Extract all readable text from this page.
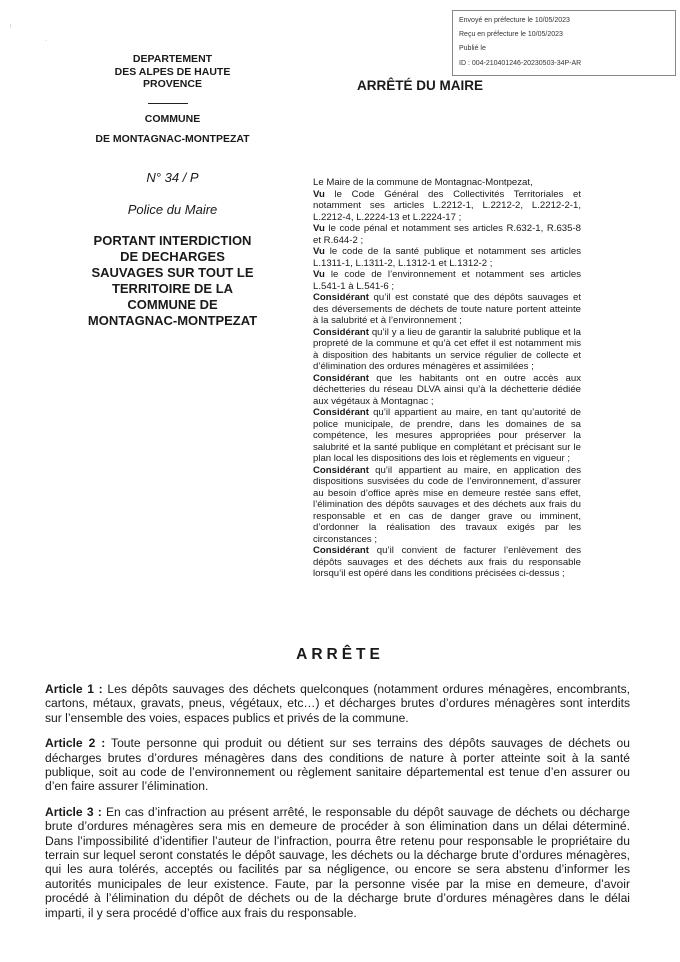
ˡ
·
Envoyé en préfecture le 10/05/2023
Reçu en préfecture le 10/05/2023
Publié le
ID : 004-210401246-20230503-34P-AR
DEPARTEMENT
DES ALPES DE HAUTE
PROVENCE
COMMUNE
DE MONTAGNAC-MONTPEZAT
N° 34 / P
Police du Maire
PORTANT INTERDICTION
DE DECHARGES
SAUVAGES SUR TOUT LE
TERRITOIRE DE LA
COMMUNE DE
MONTAGNAC-MONTPEZAT
ARRÊTÉ DU MAIRE

Le Maire de la commune de Montagnac-Montpezat,

Vu le Code Général des Collectivités Territoriales et notamment ses articles L.2212-1, L.2212-2, L.2212-2-1, L.2212-4, L.2224-13 et L.2224-17 ;

Vu le code pénal et notamment ses articles R.632-1, R.635-8 et R.644-2 ;

Vu le code de la santé publique et notamment ses articles L.1311-1, L.1311-2, L.1312-1 et L.1312-2 ;

Vu le code de l’environnement et notamment ses articles L.541-1 à L.541-6 ;

Considérant qu’il est constaté que des dépôts sauvages et des déversements de déchets de toute nature portent atteinte à la salubrité et à l’environnement ;

Considérant qu’il y a lieu de garantir la salubrité publique et la propreté de la commune et qu’à cet effet il est notamment mis à disposition des habitants un service régulier de collecte et d’élimination des ordures ménagères et assimilées ;

Considérant que les habitants ont en outre accès aux déchetteries du réseau DLVA ainsi qu’à la déchetterie dédiée aux végétaux à Montagnac ;

Considérant qu’il appartient au maire, en tant qu’autorité de police municipale, de prendre, dans les domaines de sa compétence, les mesures appropriées pour préserver la salubrité et la santé publique en complétant et précisant sur le plan local les dispositions des lois et règlements en vigueur ;

Considérant qu’il appartient au maire, en application des dispositions susvisées du code de l’environnement, d’assurer au besoin d’office après mise en demeure restée sans effet, l’élimination des dépôts sauvages et des déchets aux frais du responsable et en cas de danger grave ou imminent, d’ordonner la réalisation des travaux exigés par les circonstances ;

Considérant qu’il convient de facturer l’enlèvement des dépôts sauvages et des déchets aux frais du responsable lorsqu’il est opéré dans les conditions précisées ci-dessus ;

ARRÊTE

Article 1 : Les dépôts sauvages des déchets quelconques (notamment ordures ménagères, encombrants, cartons, métaux, gravats, pneus, végétaux, etc…) et décharges brutes d’ordures ménagères sont interdits sur l’ensemble des voies, espaces publics et privés de la commune.

Article 2 : Toute personne qui produit ou détient sur ses terrains des dépôts sauvages de déchets ou décharges brutes d’ordures ménagères dans des conditions de nature à porter atteinte soit à la santé publique, soit au code de l’environnement ou règlement sanitaire départemental est tenue d’en assurer ou d’en faire assurer l’élimination.

Article 3 : En cas d’infraction au présent arrêté, le responsable du dépôt sauvage de déchets ou décharge brute d’ordures ménagères sera mis en demeure de procéder à son élimination dans un délai déterminé. Dans l’impossibilité d’identifier l’auteur de l’infraction, pourra être retenu pour responsable le propriétaire du terrain sur lequel seront constatés le dépôt sauvage, les déchets ou la décharge brute d’ordures ménagères, qui les aura tolérés, acceptés ou facilités par sa négligence, ou encore se sera abstenu d’informer les autorités municipales de leur existence. Faute, par la personne visée par la mise en demeure, d’avoir procédé à l’élimination du dépôt de déchets ou de la décharge brute d’ordures ménagères dans le délai imparti, il y sera procédé d’office aux frais du responsable.
